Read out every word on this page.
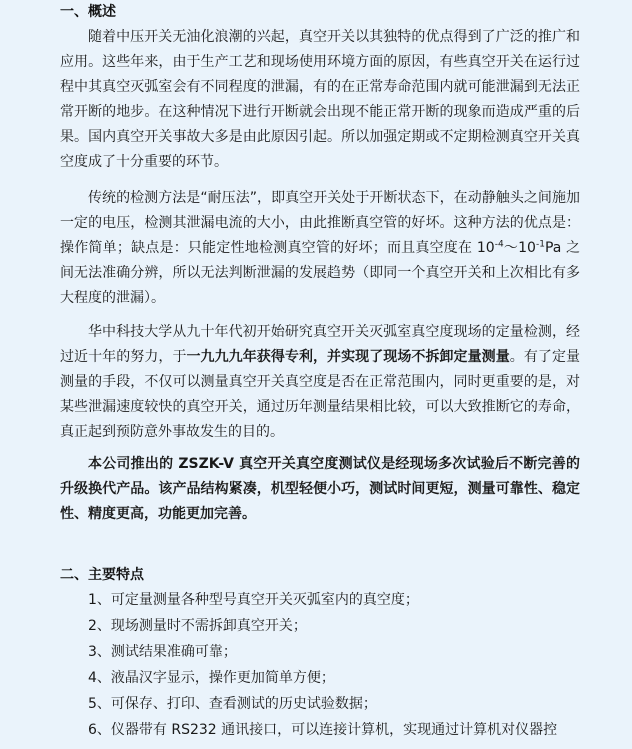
一、概述

随着中压开关无油化浪潮的兴起，真空开关以其独特的优点得到了广泛的推广和应用。这些年来，由于生产工艺和现场使用环境方面的原因，有些真空开关在运行过程中其真空灭弧室会有不同程度的泄漏，有的在正常寿命范围内就可能泄漏到无法正常开断的地步。在这种情况下进行开断就会出现不能正常开断的现象而造成严重的后果。国内真空开关事故大多是由此原因引起。所以加强定期或不定期检测真空开关真空度成了十分重要的环节。

传统的检测方法是“耐压法”，即真空开关处于开断状态下，在动静触头之间施加一定的电压，检测其泄漏电流的大小，由此推断真空管的好坏。这种方法的优点是：操作简单；缺点是：只能定性地检测真空管的好坏；而且真空度在 $10^{-4}\sim 10^{-1}Pa$ 之间无法准确分辨，所以无法判断泄漏的发展趋势（即同一个真空开关和上次相比有多大程度的泄漏）。

华中科技大学从九十年代初开始研究真空开关灭弧室真空度现场的定量检测，经过近十年的努力，于一九九九年获得专利，并实现了现场不拆卸定量测量。有了定量测量的手段，不仅可以测量真空开关真空度是否在正常范围内，同时更重要的是，对某些泄漏速度较快的真空开关，通过历年测量结果相比较，可以大致推断它的寿命，真正起到预防意外事故发生的目的。

本公司推出的 ZSZK-V 真空开关真空度测试仪是经现场多次试验后不断完善的升级换代产品。该产品结构紧凑，机型轻便小巧，测试时间更短，测量可靠性、稳定性、精度更高，功能更加完善。

二、主要特点
1、可定量测量各种型号真空开关灭弧室内的真空度；
2、现场测量时不需拆卸真空开关；
3、测试结果准确可靠；
4、液晶汉字显示，操作更加简单方便；
5、可保存、打印、查看测试的历史试验数据；
6、仪器带有 RS232 通讯接口，可以连接计算机，实现通过计算机对仪器控
